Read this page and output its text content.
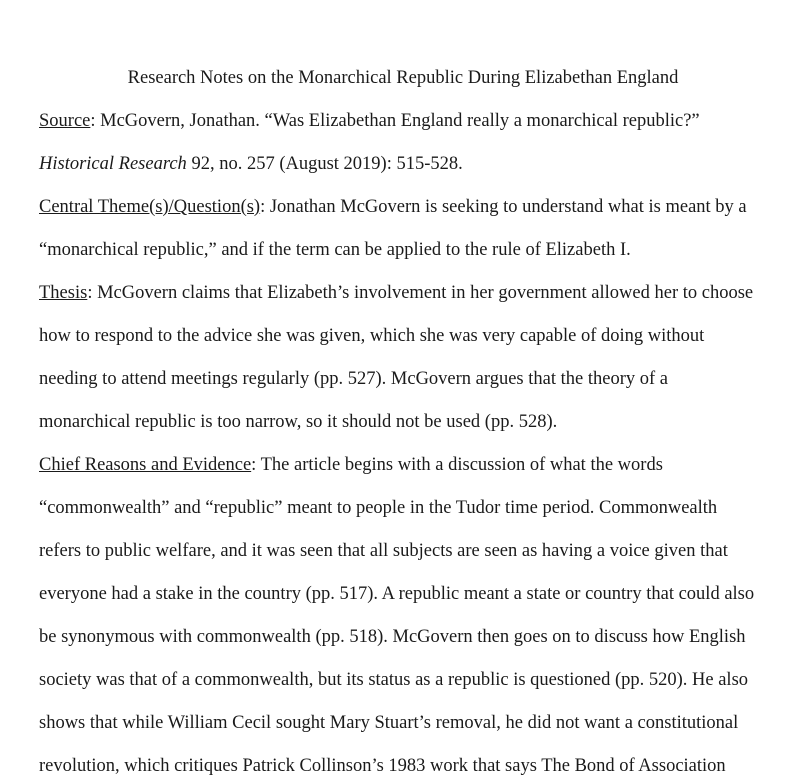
Research Notes on the Monarchical Republic During Elizabethan England
Source: McGovern, Jonathan. “Was Elizabethan England really a monarchical republic?”
Historical Research 92, no. 257 (August 2019): 515-528.
Central Theme(s)/Question(s): Jonathan McGovern is seeking to understand what is meant by a
“monarchical republic,” and if the term can be applied to the rule of Elizabeth I.
Thesis: McGovern claims that Elizabeth’s involvement in her government allowed her to choose
how to respond to the advice she was given, which she was very capable of doing without
needing to attend meetings regularly (pp. 527). McGovern argues that the theory of a
monarchical republic is too narrow, so it should not be used (pp. 528).
Chief Reasons and Evidence: The article begins with a discussion of what the words
“commonwealth” and “republic” meant to people in the Tudor time period. Commonwealth
refers to public welfare, and it was seen that all subjects are seen as having a voice given that
everyone had a stake in the country (pp. 517). A republic meant a state or country that could also
be synonymous with commonwealth (pp. 518). McGovern then goes on to discuss how English
society was that of a commonwealth, but its status as a republic is questioned (pp. 520). He also
shows that while William Cecil sought Mary Stuart’s removal, he did not want a constitutional
revolution, which critiques Patrick Collinson’s 1983 work that says The Bond of Association
